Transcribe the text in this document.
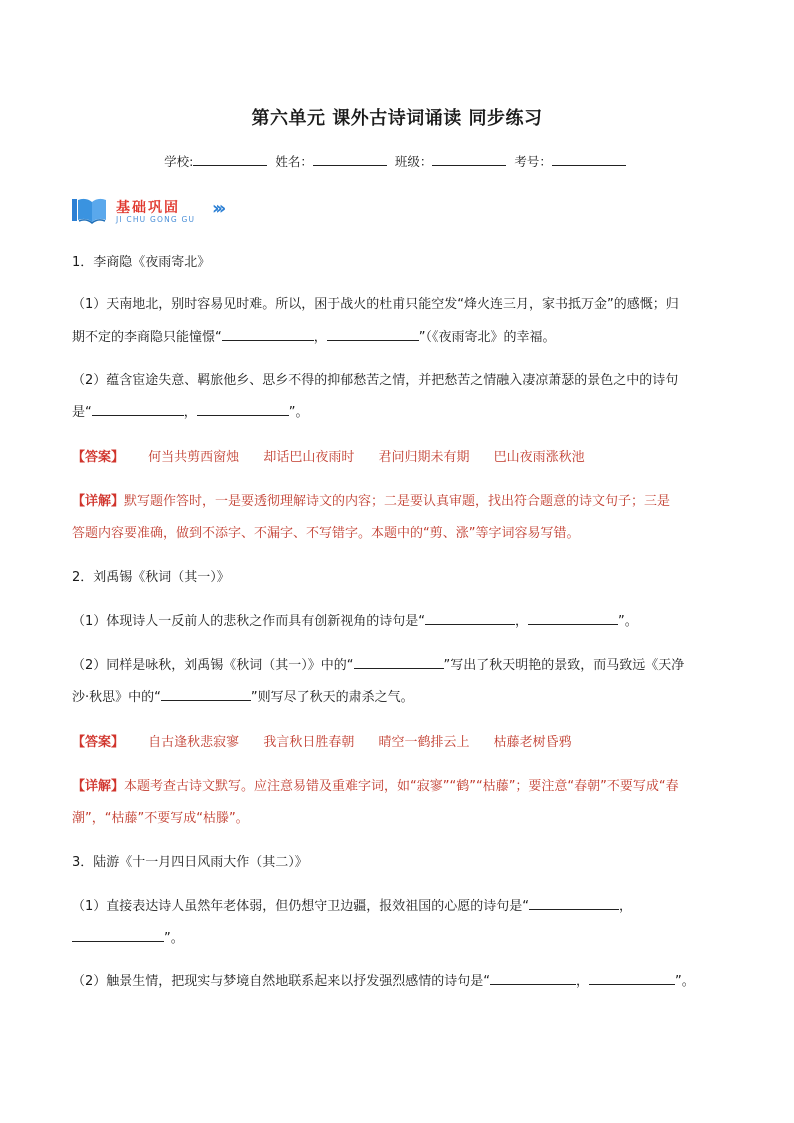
第六单元 课外古诗词诵读 同步练习
学校:	姓名：	班级：	考号：
基础巩固
JI CHU GONG GU
›››
1．李商隐《夜雨寄北》
（1）天南地北，别时容易见时难。所以，困于战火的杜甫只能空发“烽火连三月，家书抵万金”的感慨；归
期不定的李商隐只能憧憬“	，	”（《夜雨寄北》的幸福。
（2）蕴含宦途失意、羁旅他乡、思乡不得的抑郁愁苦之情，并把愁苦之情融入凄凉萧瑟的景色之中的诗句
是“	，	”。
【答案】 何当共剪西窗烛 却话巴山夜雨时 君问归期未有期 巴山夜雨涨秋池
【详解】默写题作答时，一是要透彻理解诗文的内容；二是要认真审题，找出符合题意的诗文句子；三是
答题内容要准确，做到不添字、不漏字、不写错字。本题中的“剪、涨”等字词容易写错。
2．刘禹锡《秋词（其一）》
（1）体现诗人一反前人的悲秋之作而具有创新视角的诗句是“	，	”。
（2）同样是咏秋，刘禹锡《秋词（其一）》中的“	”写出了秋天明艳的景致，而马致远《天净
沙·秋思》中的“	”则写尽了秋天的肃杀之气。
【答案】 自古逢秋悲寂寥 我言秋日胜春朝 晴空一鹤排云上 枯藤老树昏鸦
【详解】本题考查古诗文默写。应注意易错及重难字词，如“寂寥”“鹤”“枯藤”；要注意“春朝”不要写成“春
潮”，“枯藤”不要写成“枯滕”。
3．陆游《十一月四日风雨大作（其二）》
（1）直接表达诗人虽然年老体弱，但仍想守卫边疆，报效祖国的心愿的诗句是“	，
”。
（2）触景生情，把现实与梦境自然地联系起来以抒发强烈感情的诗句是“	，	”。
